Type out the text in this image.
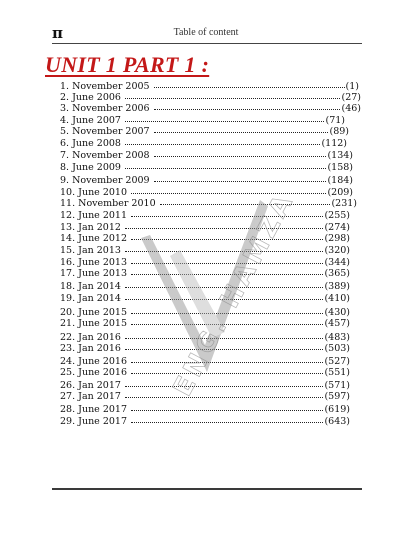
π	Table of content
UNIT 1 PART 1 :
1. November 2005	(1)
2. June 2006	(27)
3. November 2006	(46)
4. June 2007	(71)
5. November 2007	(89)
6. June 2008	(112)
7. November 2008	(134)
8. June 2009	(158)
9. November 2009	(184)
10. June 2010	(209)
11. November 2010	(231)
12. June 2011	(255)
13. Jan 2012	(274)
14. June 2012	(298)
15. Jan 2013	(320)
16. June 2013	(344)
17. June 2013	(365)
18. Jan 2014	(389)
19. Jan 2014	(410)
20. June 2015	(430)
21. June 2015	(457)
22. Jan 2016	(483)
23. Jan 2016	(503)
24. June 2016	(527)
25. June 2016	(551)
26. Jan 2017	(571)
27. Jan 2017	(597)
28. June 2017	(619)
29. June 2017	(643)
ENG. HAMZA
